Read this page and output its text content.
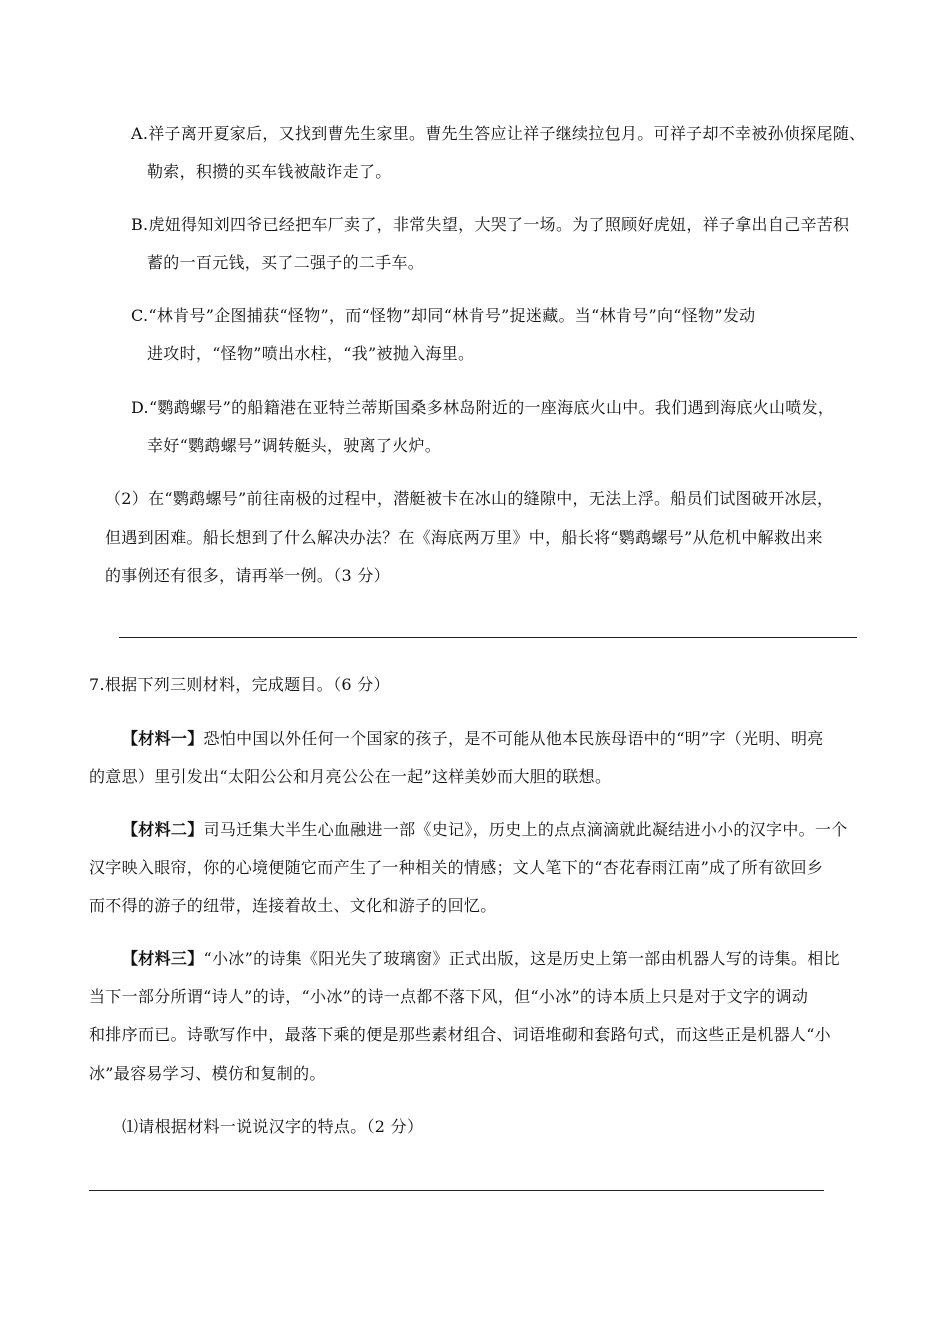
A.祥子离开夏家后，又找到曹先生家里。曹先生答应让祥子继续拉包月。可祥子却不幸被孙侦探尾随、
勒索，积攒的买车钱被敲诈走了。
B.虎妞得知刘四爷已经把车厂卖了，非常失望，大哭了一场。为了照顾好虎妞，祥子拿出自己辛苦积
蓄的一百元钱，买了二强子的二手车。
C.“林肯号”企图捕获“怪物”，而“怪物”却同“林肯号”捉迷藏。当“林肯号”向“怪物”发动
进攻时，“怪物”喷出水柱，“我”被抛入海里。
D.“鹦鹉螺号”的船籍港在亚特兰蒂斯国桑多林岛附近的一座海底火山中。我们遇到海底火山喷发，
幸好“鹦鹉螺号”调转艇头，驶离了火炉。
（2）在“鹦鹉螺号”前往南极的过程中，潜艇被卡在冰山的缝隙中，无法上浮。船员们试图破开冰层，
但遇到困难。船长想到了什么解决办法？在《海底两万里》中，船长将“鹦鹉螺号”从危机中解救出来
的事例还有很多，请再举一例。（3 分）
7.根据下列三则材料，完成题目。（6 分）
【材料一】恐怕中国以外任何一个国家的孩子，是不可能从他本民族母语中的“明”字（光明、明亮
的意思）里引发出“太阳公公和月亮公公在一起”这样美妙而大胆的联想。
【材料二】司马迁集大半生心血融进一部《史记》，历史上的点点滴滴就此凝结进小小的汉字中。一个
汉字映入眼帘，你的心境便随它而产生了一种相关的情感；文人笔下的“杏花春雨江南”成了所有欲回乡
而不得的游子的纽带，连接着故土、文化和游子的回忆。
【材料三】“小冰”的诗集《阳光失了玻璃窗》正式出版，这是历史上第一部由机器人写的诗集。相比
当下一部分所谓“诗人”的诗，“小冰”的诗一点都不落下风，但“小冰”的诗本质上只是对于文字的调动
和排序而已。诗歌写作中，最落下乘的便是那些素材组合、词语堆砌和套路句式，而这些正是机器人“小
冰”最容易学习、模仿和复制的。
⑴请根据材料一说说汉字的特点。（2 分）
